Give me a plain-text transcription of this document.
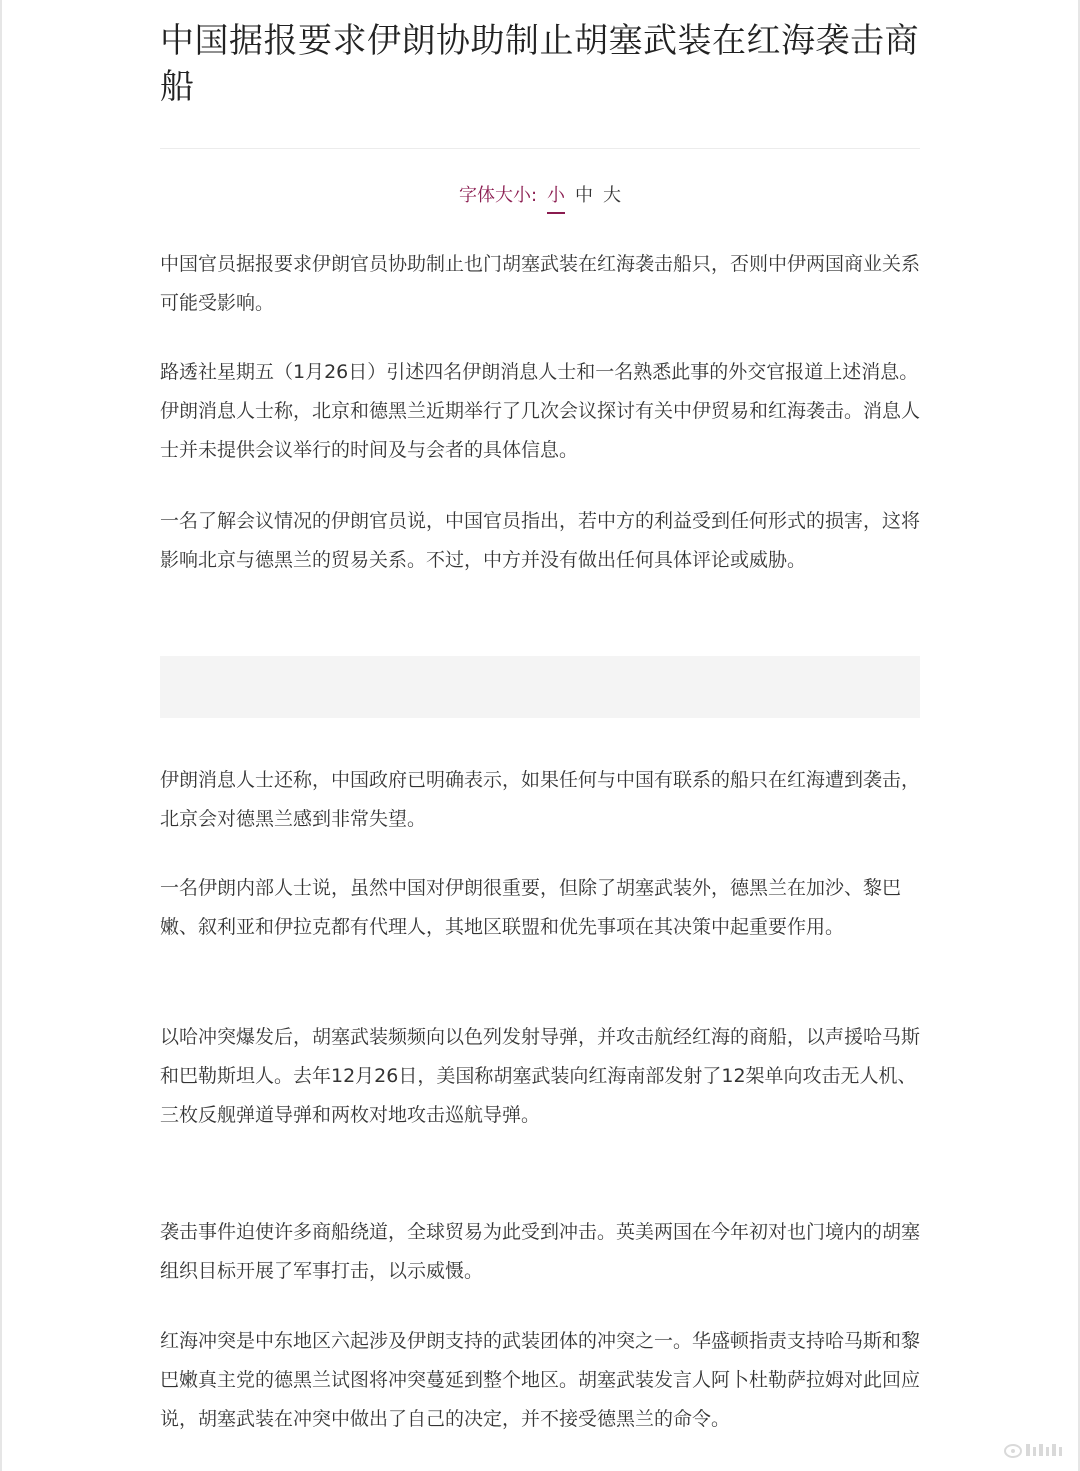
中国据报要求伊朗协助制止胡塞武装在红海袭击商船
字体大小: 小 中 大

中国官员据报要求伊朗官员协助制止也门胡塞武装在红海袭击船只，否则中伊两国商业关系可能受影响。

路透社星期五（1月26日）引述四名伊朗消息人士和一名熟悉此事的外交官报道上述消息。伊朗消息人士称，北京和德黑兰近期举行了几次会议探讨有关中伊贸易和红海袭击。消息人士并未提供会议举行的时间及与会者的具体信息。

一名了解会议情况的伊朗官员说，中国官员指出，若中方的利益受到任何形式的损害，这将影响北京与德黑兰的贸易关系。不过，中方并没有做出任何具体评论或威胁。

伊朗消息人士还称，中国政府已明确表示，如果任何与中国有联系的船只在红海遭到袭击，北京会对德黑兰感到非常失望。

一名伊朗内部人士说，虽然中国对伊朗很重要，但除了胡塞武装外，德黑兰在加沙、黎巴嫩、叙利亚和伊拉克都有代理人，其地区联盟和优先事项在其决策中起重要作用。

以哈冲突爆发后，胡塞武装频频向以色列发射导弹，并攻击航经红海的商船，以声援哈马斯和巴勒斯坦人。去年12月26日，美国称胡塞武装向红海南部发射了12架单向攻击无人机、三枚反舰弹道导弹和两枚对地攻击巡航导弹。

袭击事件迫使许多商船绕道，全球贸易为此受到冲击。英美两国在今年初对也门境内的胡塞组织目标开展了军事打击，以示威慑。

红海冲突是中东地区六起涉及伊朗支持的武装团体的冲突之一。华盛顿指责支持哈马斯和黎巴嫩真主党的德黑兰试图将冲突蔓延到整个地区。胡塞武装发言人阿卜杜勒萨拉姆对此回应说，胡塞武装在冲突中做出了自己的决定，并不接受德黑兰的命令。
